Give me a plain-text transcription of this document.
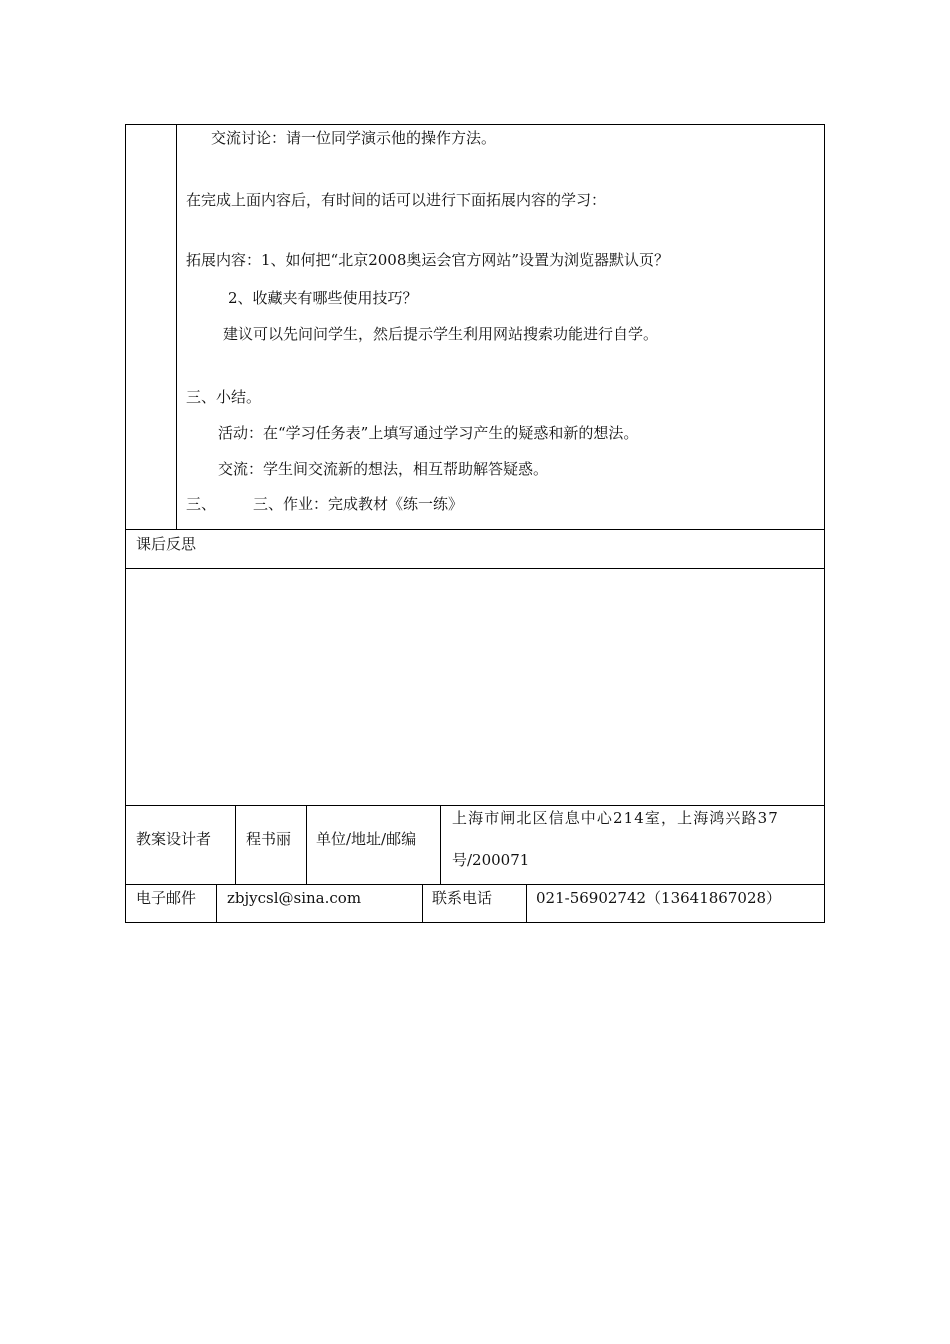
交流讨论：请一位同学演示他的操作方法。
在完成上面内容后，有时间的话可以进行下面拓展内容的学习：
拓展内容：1、如何把“北京2008奥运会官方网站”设置为浏览器默认页？
2、收藏夹有哪些使用技巧？
建议可以先问问学生，然后提示学生利用网站搜索功能进行自学。
三、小结。
活动：在“学习任务表”上填写通过学习产生的疑惑和新的想法。
交流：学生间交流新的想法，相互帮助解答疑惑。
三、 三、作业：完成教材《练一练》
课后反思
教案设计者 程书丽 单位/地址/邮编
上海市闸北区信息中心214室，上海鸿兴路37
号/200071
电子邮件 zbjycsl@sina.com	联系电话	021-56902742（13641867028）
